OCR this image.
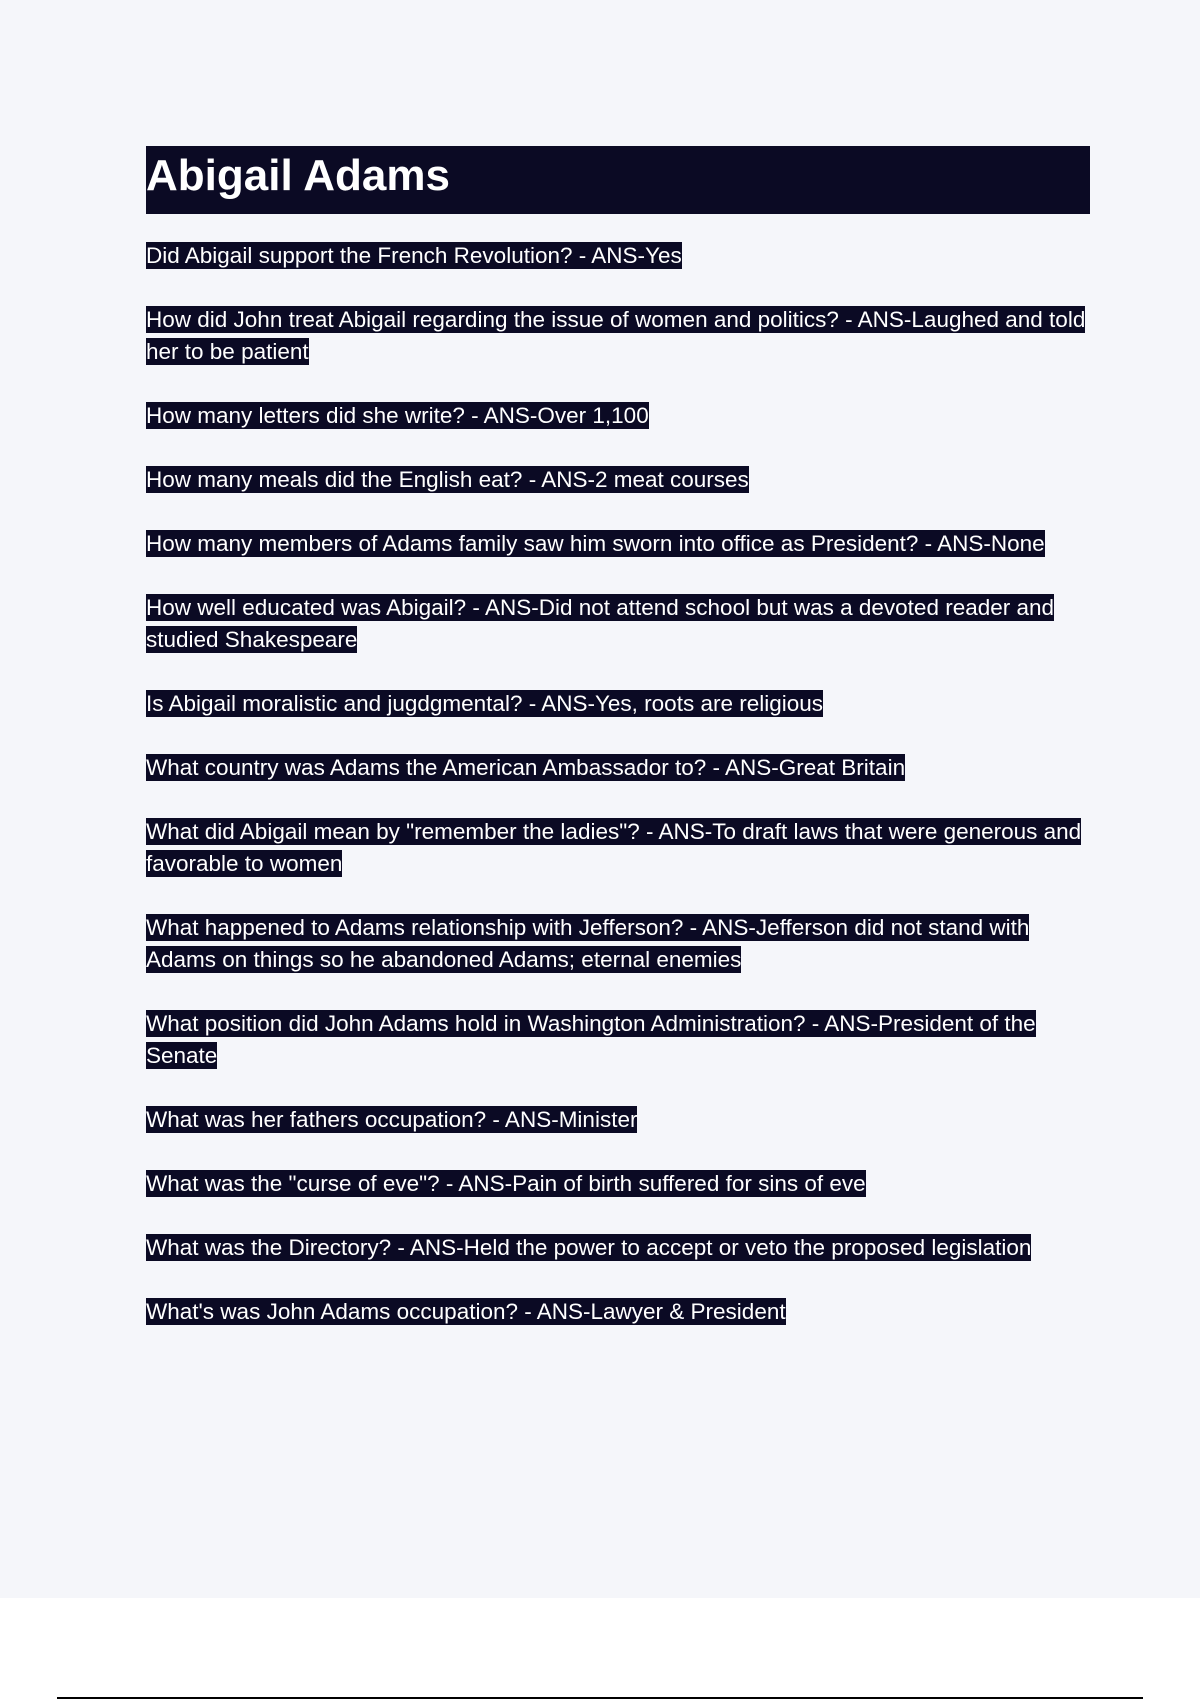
Abigail Adams

Did Abigail support the French Revolution? - ANS-Yes

How did John treat Abigail regarding the issue of women and politics? - ANS-Laughed and told her to be patient

How many letters did she write? - ANS-Over 1,100

How many meals did the English eat? - ANS-2 meat courses

How many members of Adams family saw him sworn into office as President? - ANS-None

How well educated was Abigail? - ANS-Did not attend school but was a devoted reader and studied Shakespeare

Is Abigail moralistic and jugdgmental? - ANS-Yes, roots are religious

What country was Adams the American Ambassador to? - ANS-Great Britain

What did Abigail mean by "remember the ladies"? - ANS-To draft laws that were generous and favorable to women

What happened to Adams relationship with Jefferson? - ANS-Jefferson did not stand with Adams on things so he abandoned Adams; eternal enemies

What position did John Adams hold in Washington Administration? - ANS-President of the Senate

What was her fathers occupation? - ANS-Minister

What was the "curse of eve"? - ANS-Pain of birth suffered for sins of eve

What was the Directory? - ANS-Held the power to accept or veto the proposed legislation

What's was John Adams occupation? - ANS-Lawyer & President
